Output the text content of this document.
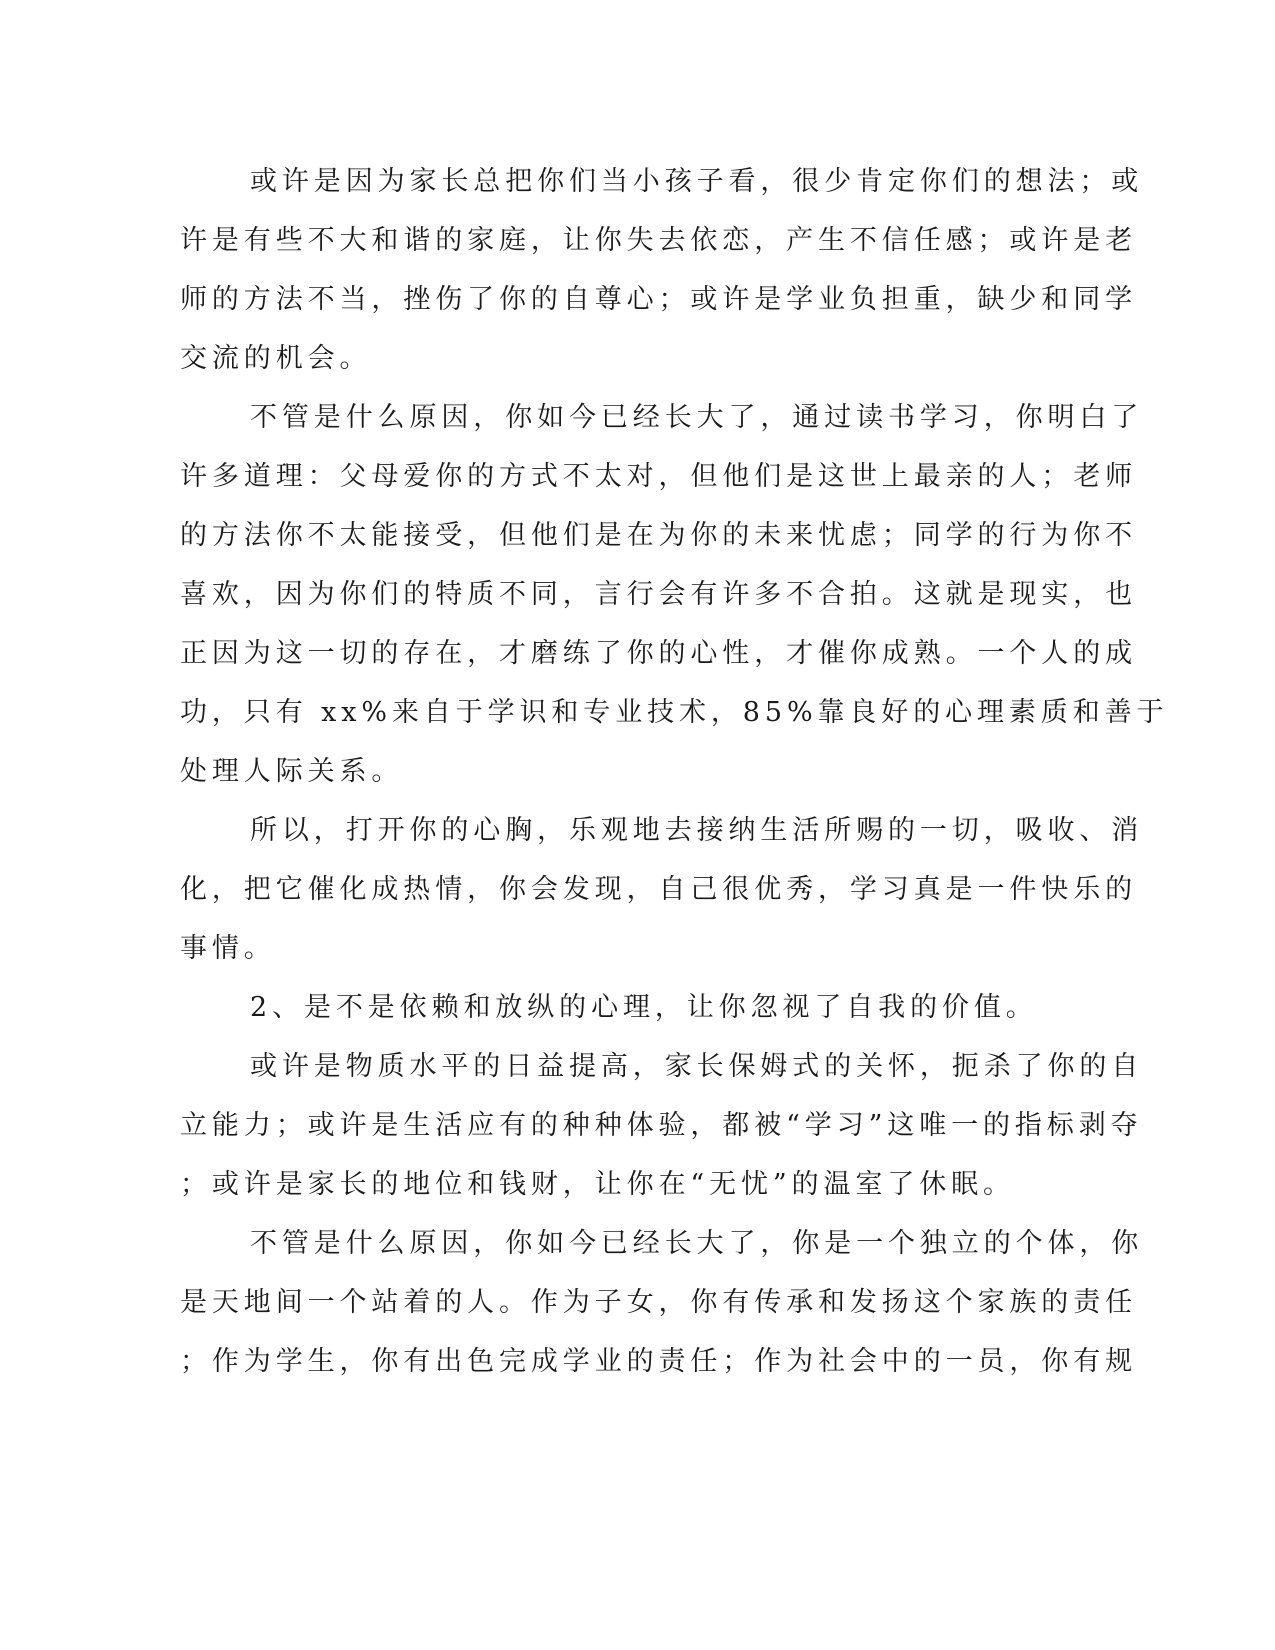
或许是因为家长总把你们当小孩子看，很少肯定你们的想法；或

许是有些不大和谐的家庭，让你失去依恋，产生不信任感；或许是老

师的方法不当，挫伤了你的自尊心；或许是学业负担重，缺少和同学

交流的机会。

不管是什么原因，你如今已经长大了，通过读书学习，你明白了

许多道理：父母爱你的方式不太对，但他们是这世上最亲的人；老师

的方法你不太能接受，但他们是在为你的未来忧虑；同学的行为你不

喜欢，因为你们的特质不同，言行会有许多不合拍。这就是现实，也

正因为这一切的存在，才磨练了你的心性，才催你成熟。一个人的成

功，只有 xx%来自于学识和专业技术，85%靠良好的心理素质和善于

处理人际关系。

所以，打开你的心胸，乐观地去接纳生活所赐的一切，吸收、消

化，把它催化成热情，你会发现，自己很优秀，学习真是一件快乐的

事情。

2、是不是依赖和放纵的心理，让你忽视了自我的价值。

或许是物质水平的日益提高，家长保姆式的关怀，扼杀了你的自

立能力；或许是生活应有的种种体验，都被“学习”这唯一的指标剥夺

；或许是家长的地位和钱财，让你在“无忧”的温室了休眠。

不管是什么原因，你如今已经长大了，你是一个独立的个体，你

是天地间一个站着的人。作为子女，你有传承和发扬这个家族的责任

；作为学生，你有出色完成学业的责任；作为社会中的一员，你有规
